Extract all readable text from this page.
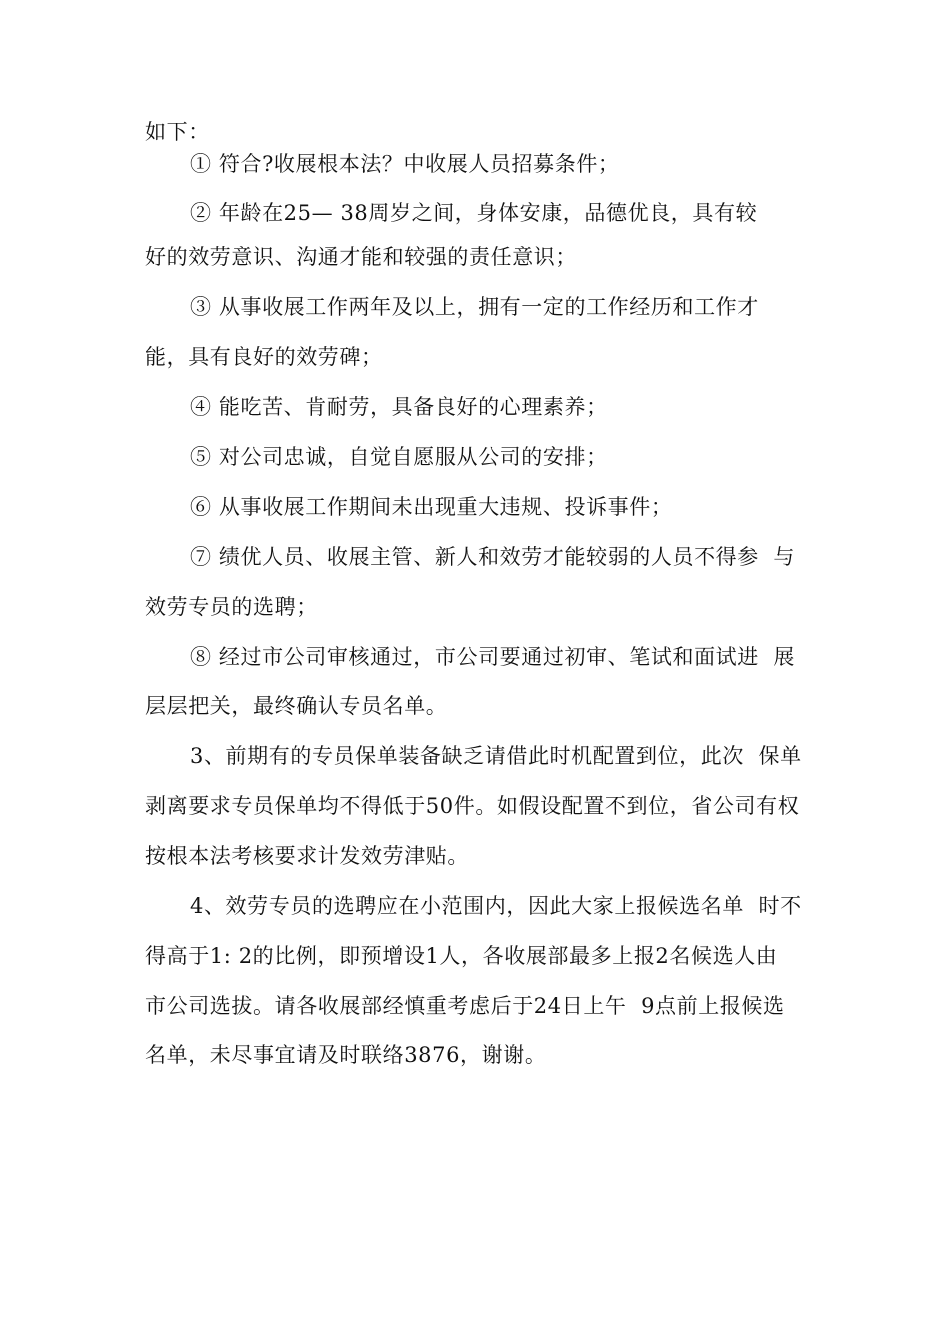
如下：
① 符合?收展根本法？中收展人员招募条件；
② 年龄在25— 38周岁之间，身体安康，品德优良，具有较
好的效劳意识、沟通才能和较强的责任意识；
③ 从事收展工作两年及以上，拥有一定的工作经历和工作才
能，具有良好的效劳碑；
④ 能吃苦、肯耐劳，具备良好的心理素养；
⑤ 对公司忠诚，自觉自愿服从公司的安排；
⑥ 从事收展工作期间未出现重大违规、投诉事件；
⑦ 绩优人员、收展主管、新人和效劳才能较弱的人员不得参  与
效劳专员的选聘；
⑧ 经过市公司审核通过，市公司要通过初审、笔试和面试进  展
层层把关，最终确认专员名单。
3、前期有的专员保单装备缺乏请借此时机配置到位，此次  保单
剥离要求专员保单均不得低于50件。如假设配置不到位，省公司有权
按根本法考核要求计发效劳津贴。
4、效劳专员的选聘应在小范围内，因此大家上报候选名单  时不
得高于1: 2的比例，即预增设1人，各收展部最多上报2名候选人由
市公司选拔。请各收展部经慎重考虑后于24日上午  9点前上报候选
名单，未尽事宜请及时联络3876，谢谢。
